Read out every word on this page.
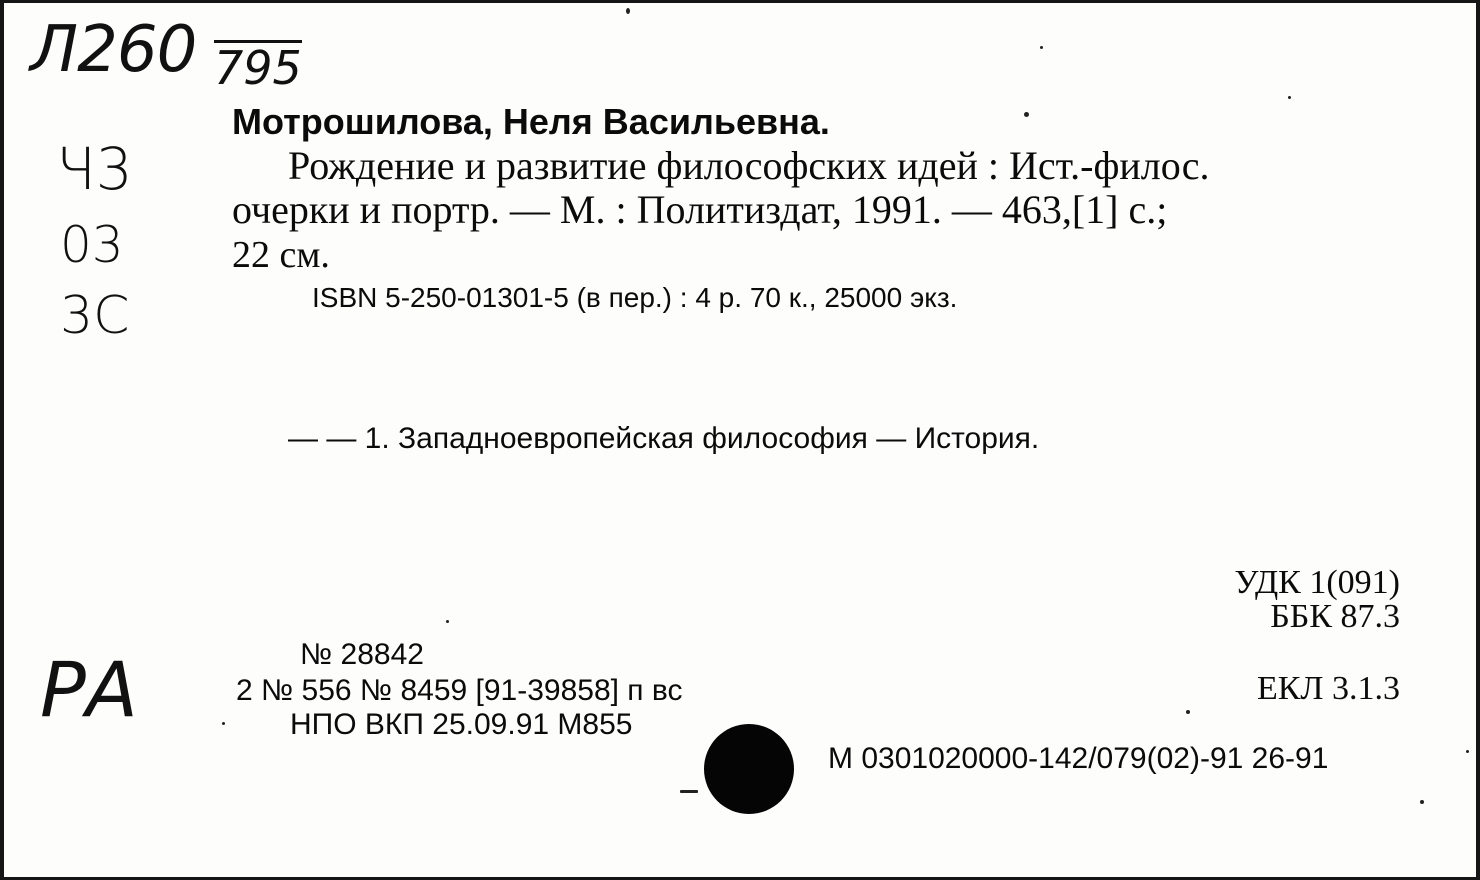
Л260 795
Ч3
03
3С
РА
Мотрошилова, Неля Васильевна.
Рождение и развитие философских идей : Ист.-филос.
очерки и портр. — М. : Политиздат, 1991. — 463,[1] с.;
22 см.
ISBN 5-250-01301-5 (в пер.) : 4 р. 70 к., 25000 экз.
— — 1. Западноевропейская философия — История.
УДК 1(091)
ББК 87.3
ЕКЛ 3.1.3
№ 28842
2 № 556 № 8459 [91-39858] п вс
НПО ВКП 25.09.91 М855
М 0301020000-142/079(02)-91 26-91
